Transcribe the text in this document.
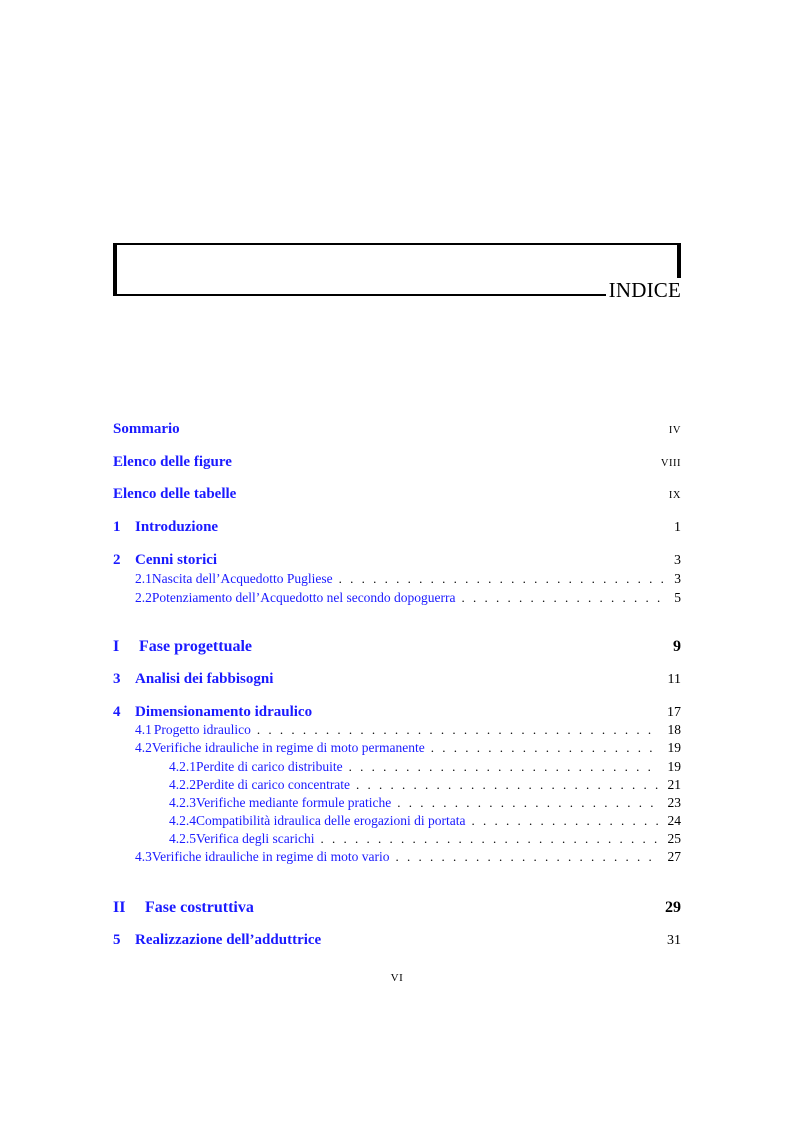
INDICE
Sommario	IV
Elenco delle figure	VIII
Elenco delle tabelle	IX
1 Introduzione	1
2 Cenni storici	3
2.1 Nascita dell’Acquedotto Pugliese . . .	3
2.2 Potenziamento dell’Acquedotto nel secondo dopoguerra . . .	5
I	Fase progettuale	9
3 Analisi dei fabbisogni	11
4 Dimensionamento idraulico	17
4.1 Progetto idraulico . . .	18
4.2 Verifiche idrauliche in regime di moto permanente . . .	19
4.2.1 Perdite di carico distribuite . . .	19
4.2.2 Perdite di carico concentrate . . .	21
4.2.3 Verifiche mediante formule pratiche . . .	23
4.2.4 Compatibilità idraulica delle erogazioni di portata . . .	24
4.2.5 Verifica degli scarichi . . .	25
4.3 Verifiche idrauliche in regime di moto vario . . .	27
II	Fase costruttiva	29
5 Realizzazione dell’adduttrice	31
VI
